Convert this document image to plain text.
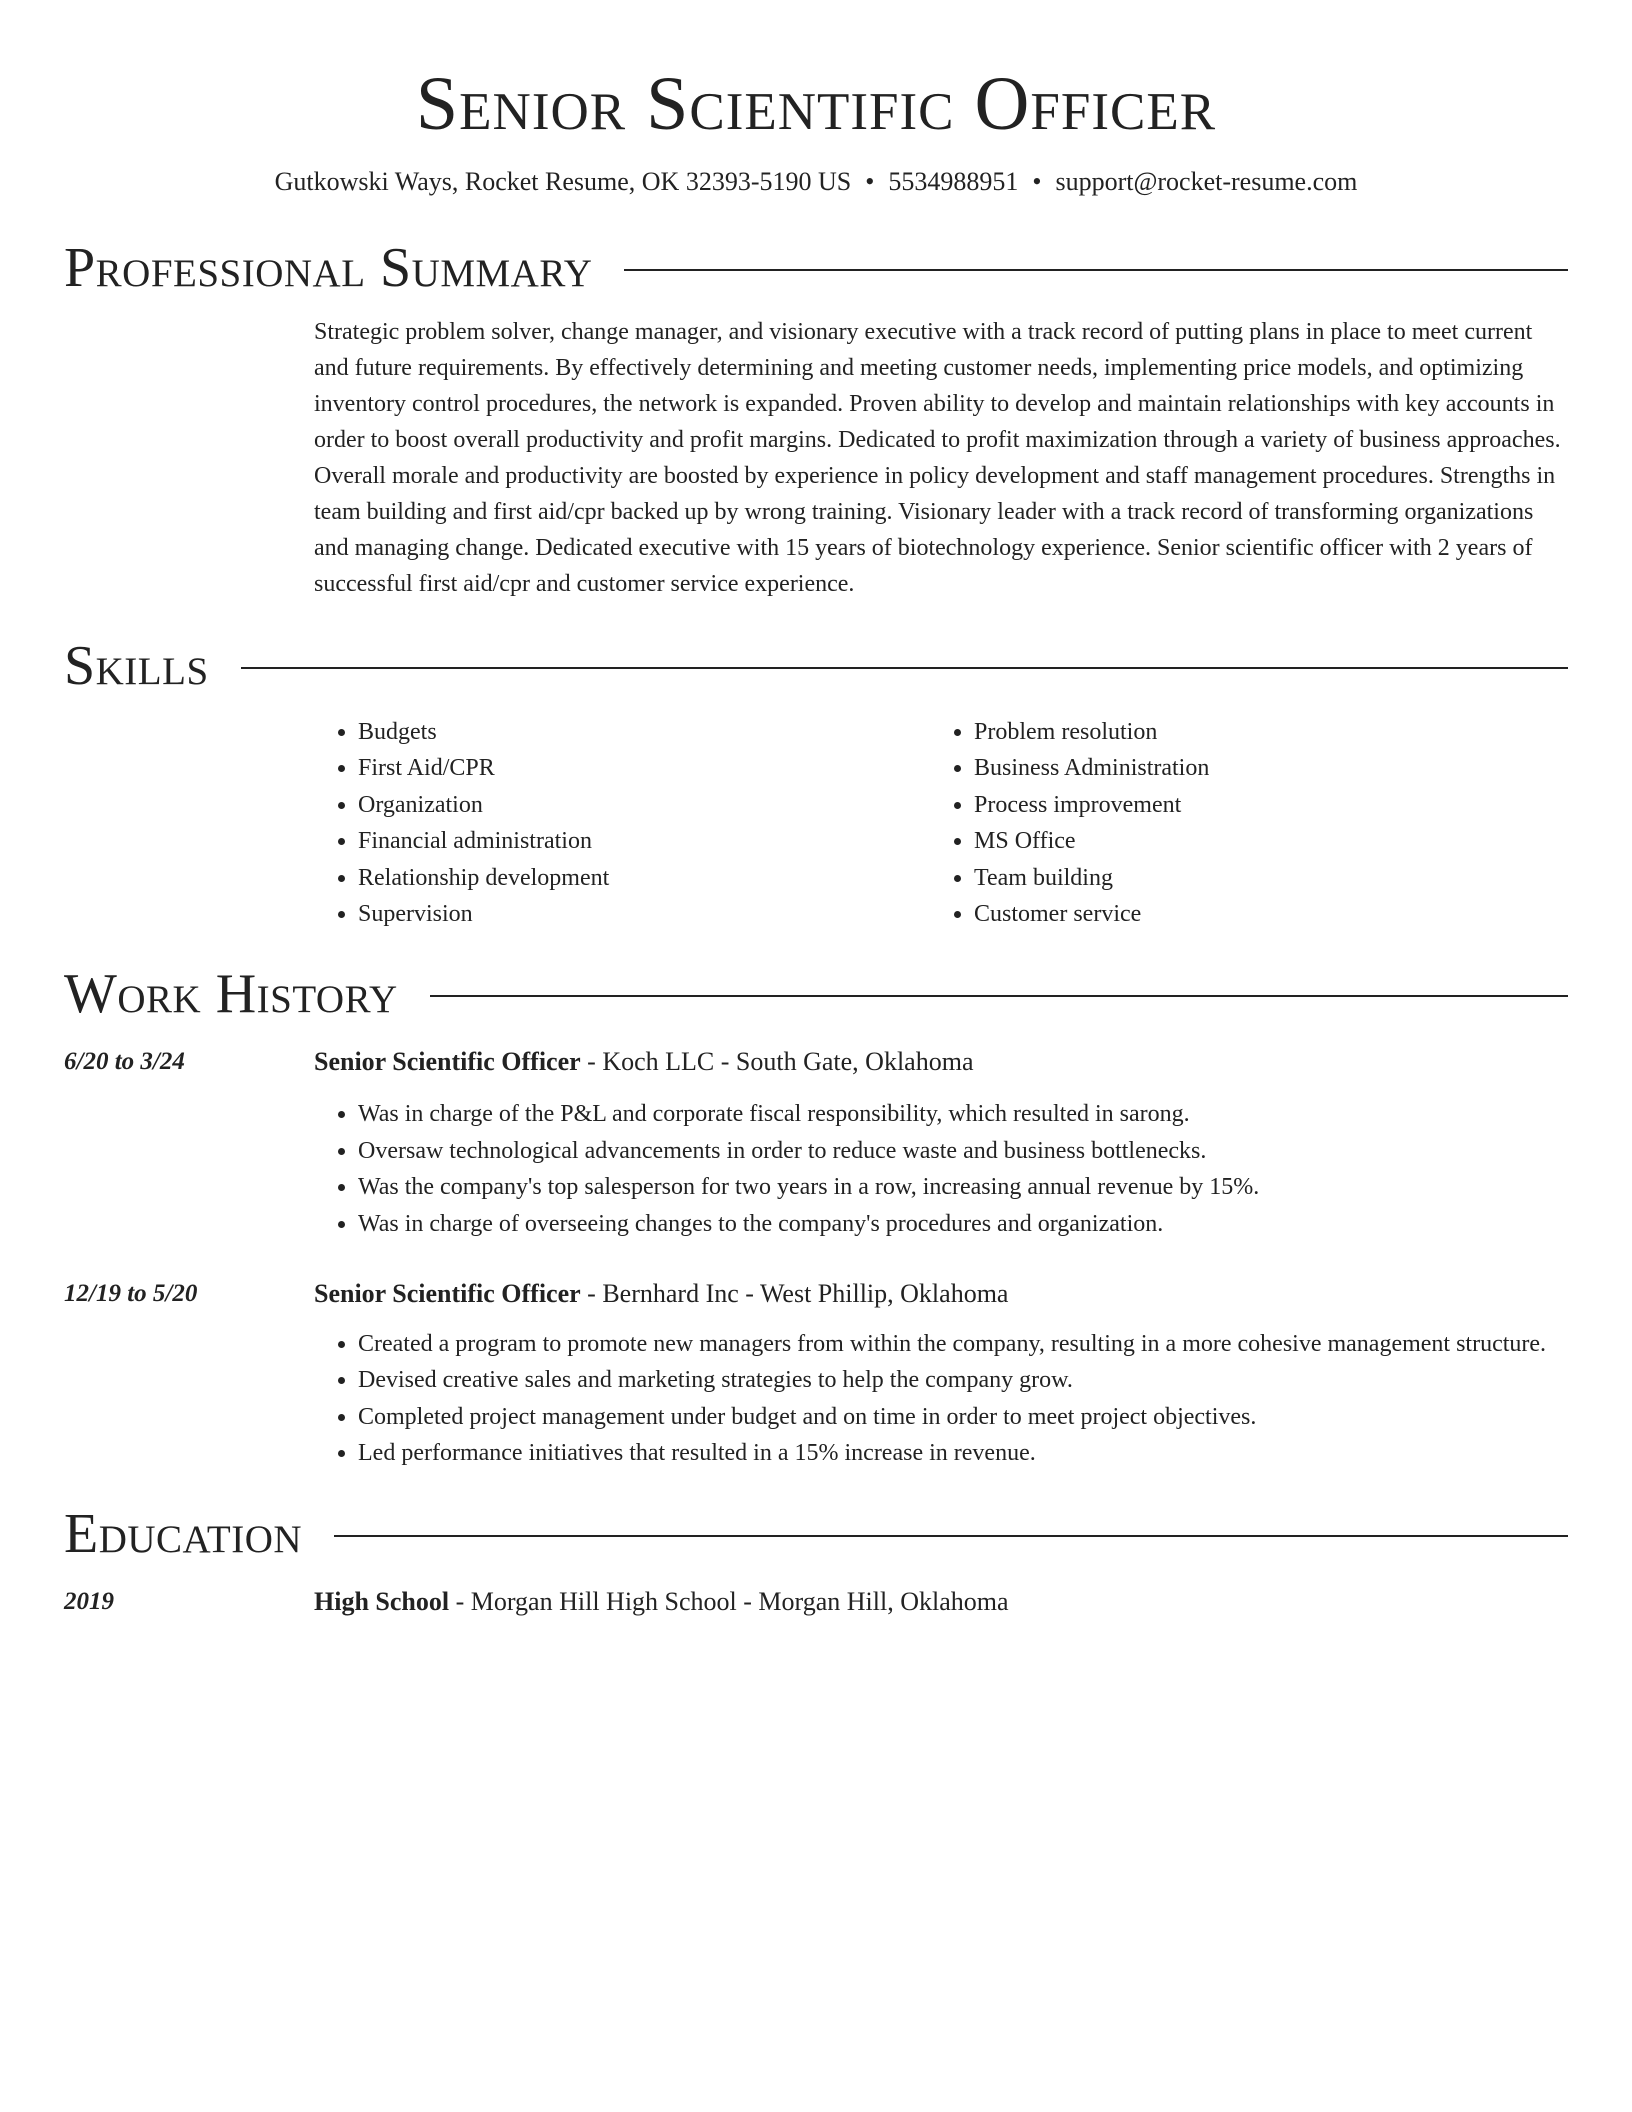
Senior Scientific Officer
Gutkowski Ways, Rocket Resume, OK 32393-5190 US • 5534988951 • support@rocket-resume.com
Professional Summary
Strategic problem solver, change manager, and visionary executive with a track record of putting plans in place to meet current and future requirements. By effectively determining and meeting customer needs, implementing price models, and optimizing inventory control procedures, the network is expanded. Proven ability to develop and maintain relationships with key accounts in order to boost overall productivity and profit margins. Dedicated to profit maximization through a variety of business approaches. Overall morale and productivity are boosted by experience in policy development and staff management procedures. Strengths in team building and first aid/cpr backed up by wrong training. Visionary leader with a track record of transforming organizations and managing change. Dedicated executive with 15 years of biotechnology experience. Senior scientific officer with 2 years of successful first aid/cpr and customer service experience.
Skills
• Budgets
• First Aid/CPR
• Organization
• Financial administration
• Relationship development
• Supervision
• Problem resolution
• Business Administration
• Process improvement
• MS Office
• Team building
• Customer service
Work History
6/20 to 3/24	Senior Scientific Officer - Koch LLC - South Gate, Oklahoma
• Was in charge of the P&L and corporate fiscal responsibility, which resulted in sarong.
• Oversaw technological advancements in order to reduce waste and business bottlenecks.
• Was the company's top salesperson for two years in a row, increasing annual revenue by 15%.
• Was in charge of overseeing changes to the company's procedures and organization.
12/19 to 5/20	Senior Scientific Officer - Bernhard Inc - West Phillip, Oklahoma
• Created a program to promote new managers from within the company, resulting in a more cohesive management structure.
• Devised creative sales and marketing strategies to help the company grow.
• Completed project management under budget and on time in order to meet project objectives.
• Led performance initiatives that resulted in a 15% increase in revenue.
Education
2019	High School - Morgan Hill High School - Morgan Hill, Oklahoma
